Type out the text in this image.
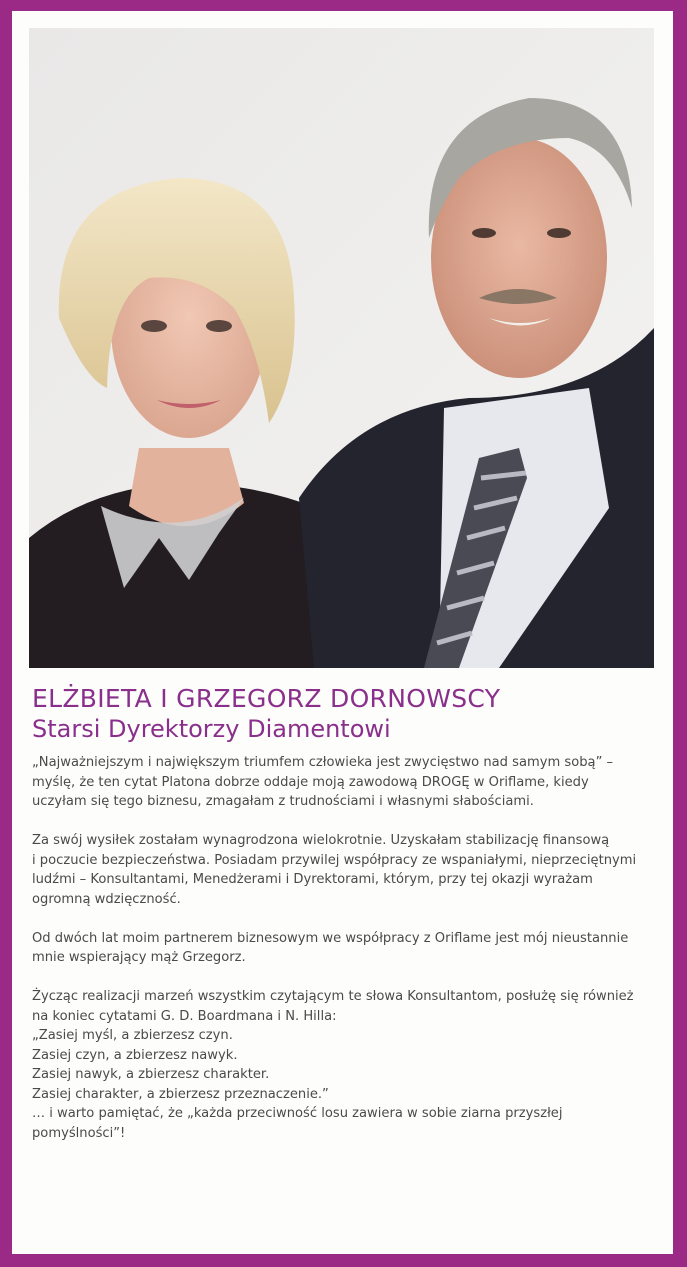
ELŻBIETA I GRZEGORZ DORNOWSCY
Starsi Dyrektorzy Diamentowi

„Najważniejszym i największym triumfem człowieka jest zwycięstwo nad samym sobą” –
myślę, że ten cytat Platona dobrze oddaje moją zawodową DROGĘ w Oriflame, kiedy
uczyłam się tego biznesu, zmagałam z trudnościami i własnymi słabościami.

Za swój wysiłek zostałam wynagrodzona wielokrotnie. Uzyskałam stabilizację finansową
i poczucie bezpieczeństwa. Posiadam przywilej współpracy ze wspaniałymi, nieprzeciętnymi
ludźmi – Konsultantami, Menedżerami i Dyrektorami, którym, przy tej okazji wyrażam
ogromną wdzięczność.

Od dwóch lat moim partnerem biznesowym we współpracy z Oriflame jest mój nieustannie
mnie wspierający mąż Grzegorz.

Życząc realizacji marzeń wszystkim czytającym te słowa Konsultantom, posłużę się również
na koniec cytatami G. D. Boardmana i N. Hilla:
„Zasiej myśl, a zbierzesz czyn.
Zasiej czyn, a zbierzesz nawyk.
Zasiej nawyk, a zbierzesz charakter.
Zasiej charakter, a zbierzesz przeznaczenie.”
… i warto pamiętać, że „każda przeciwność losu zawiera w sobie ziarna przyszłej
pomyślności”!
